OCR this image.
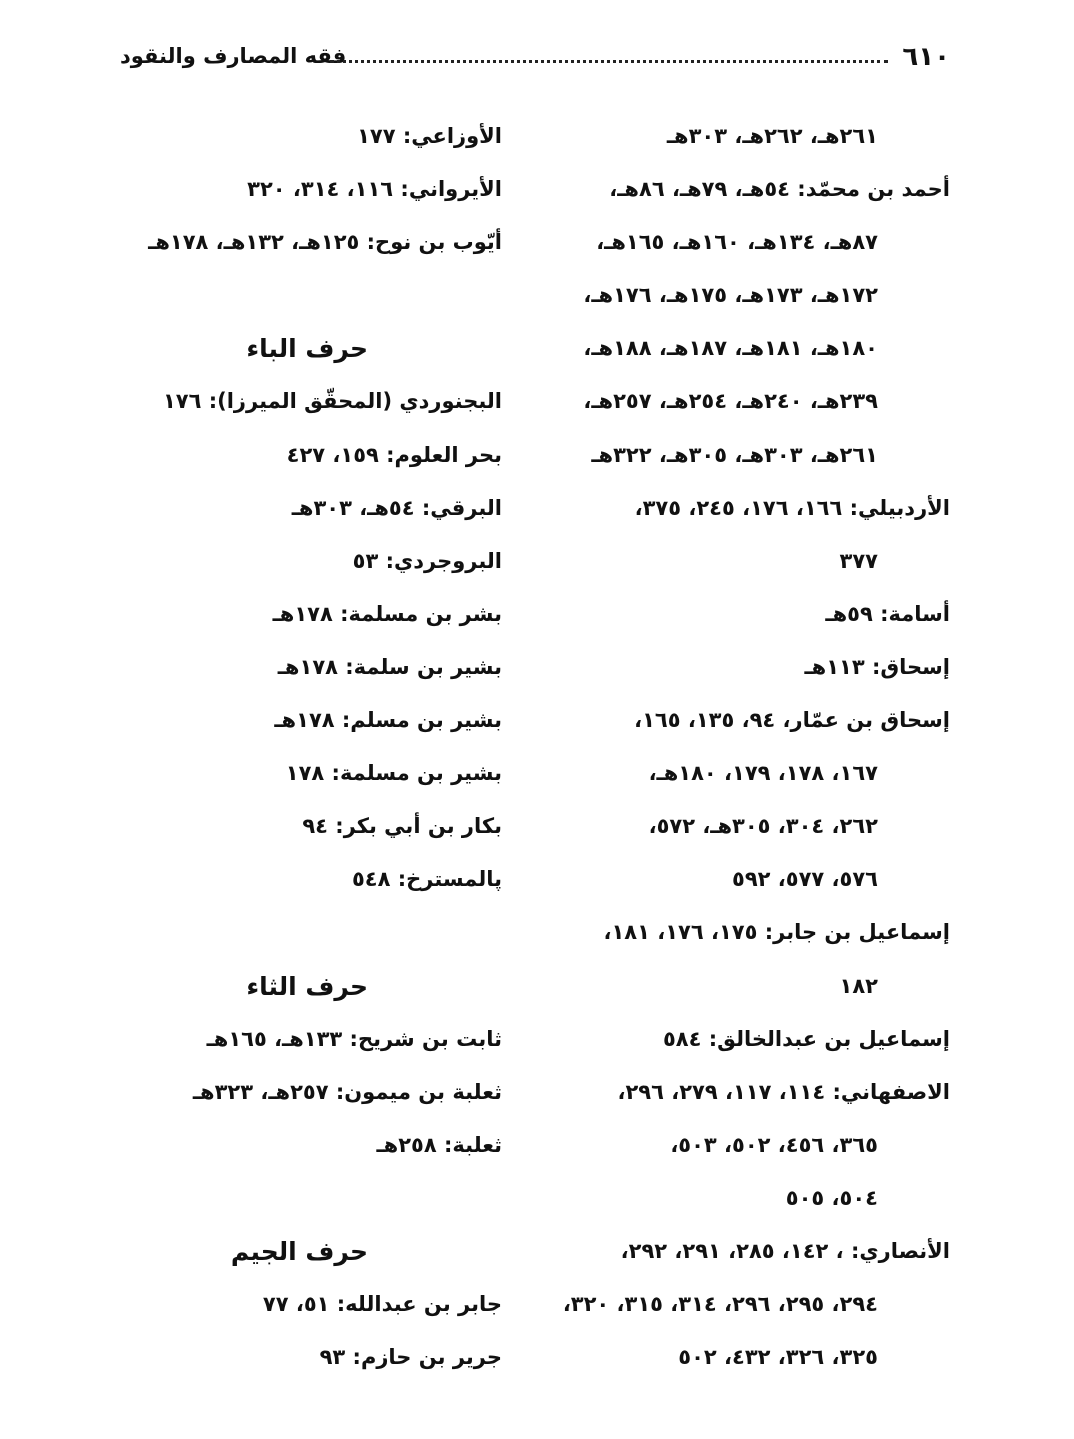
فقه المصارف والنقود	٦١٠
٢٦١هـ، ٢٦٢هـ، ٣٠٣هـ
أحمد بن محمّد: ٥٤هـ، ٧٩هـ، ٨٦هـ،
٨٧هـ، ١٣٤هـ، ١٦٠هـ، ١٦٥هـ،
١٧٢هـ، ١٧٣هـ، ١٧٥هـ، ١٧٦هـ،
١٨٠هـ، ١٨١هـ، ١٨٧هـ، ١٨٨هـ،
٢٣٩هـ، ٢٤٠هـ، ٢٥٤هـ، ٢٥٧هـ،
٢٦١هـ، ٣٠٣هـ، ٣٠٥هـ، ٣٢٢هـ
الأردبيلي: ١٦٦، ١٧٦، ٢٤٥، ٣٧٥،
٣٧٧
أسامة: ٥٩هـ
إسحاق: ١١٣هـ
إسحاق بن عمّار، ٩٤، ١٣٥، ١٦٥،
١٦٧، ١٧٨، ١٧٩، ١٨٠هـ،
٢٦٢، ٣٠٤، ٣٠٥هـ، ٥٧٢،
٥٧٦، ٥٧٧، ٥٩٢
إسماعيل بن جابر: ١٧٥، ١٧٦، ١٨١،
١٨٢
إسماعيل بن عبدالخالق: ٥٨٤
الاصفهاني: ١١٤، ١١٧، ٢٧٩، ٢٩٦،
٣٦٥، ٤٥٦، ٥٠٢، ٥٠٣،
٥٠٤، ٥٠٥
الأنصاري: ، ١٤٢، ٢٨٥، ٢٩١، ٢٩٢،
٢٩٤، ٢٩٥، ٢٩٦، ٣١٤، ٣١٥، ٣٢٠،
٣٢٥، ٣٢٦، ٤٣٢، ٥٠٢
الأوزاعي: ١٧٧
الأيرواني: ١١٦، ٣١٤، ٣٢٠
أيّوب بن نوح: ١٢٥هـ، ١٣٢هـ، ١٧٨هـ
حرف الباء
البجنوردي (المحقّق الميرزا): ١٧٦
بحر العلوم: ١٥٩، ٤٢٧
البرقي: ٥٤هـ، ٣٠٣هـ
البروجردي: ٥٣
بشر بن مسلمة: ١٧٨هـ
بشير بن سلمة: ١٧٨هـ
بشير بن مسلم: ١٧٨هـ
بشير بن مسلمة: ١٧٨
بكار بن أبي بكر: ٩٤
پالمسترخ: ٥٤٨
حرف الثاء
ثابت بن شريح: ١٣٣هـ، ١٦٥هـ
ثعلبة بن ميمون: ٢٥٧هـ، ٣٢٣هـ
ثعلبة: ٢٥٨هـ
حرف الجيم
جابر بن عبدالله: ٥١، ٧٧
جرير بن حازم: ٩٣
